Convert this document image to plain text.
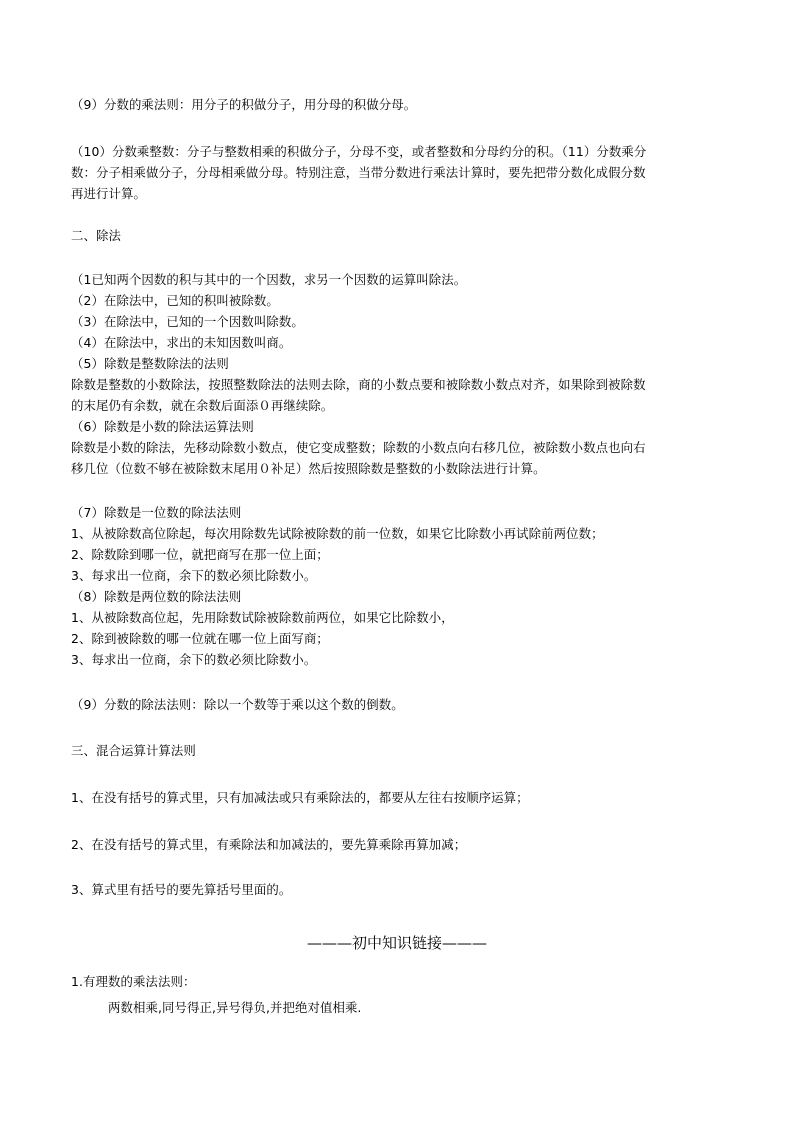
（9）分数的乘法则：用分子的积做分子，用分母的积做分母。
（10）分数乘整数：分子与整数相乘的积做分子，分母不变，或者整数和分母约分的积。（11）分数乘分
数：分子相乘做分子，分母相乘做分母。特别注意，当带分数进行乘法计算时，要先把带分数化成假分数
再进行计算。
二、除法
（1已知两个因数的积与其中的一个因数，求另一个因数的运算叫除法。
（2）在除法中，已知的积叫被除数。
（3）在除法中，已知的一个因数叫除数。
（4）在除法中，求出的未知因数叫商。
（5）除数是整数除法的法则
除数是整数的小数除法，按照整数除法的法则去除，商的小数点要和被除数小数点对齐，如果除到被除数
的末尾仍有余数，就在余数后面添０再继续除。
（6）除数是小数的除法运算法则
除数是小数的除法，先移动除数小数点，使它变成整数；除数的小数点向右移几位，被除数小数点也向右
移几位（位数不够在被除数末尾用０补足）然后按照除数是整数的小数除法进行计算。
（7）除数是一位数的除法法则
1、从被除数高位除起，每次用除数先试除被除数的前一位数，如果它比除数小再试除前两位数；
2、除数除到哪一位，就把商写在那一位上面；
3、每求出一位商，余下的数必须比除数小。
（8）除数是两位数的除法法则
1、从被除数高位起，先用除数试除被除数前两位，如果它比除数小，
2、除到被除数的哪一位就在哪一位上面写商；
3、每求出一位商，余下的数必须比除数小。
（9）分数的除法法则：除以一个数等于乘以这个数的倒数。
三、混合运算计算法则
1、在没有括号的算式里，只有加减法或只有乘除法的，都要从左往右按顺序运算；
2、在没有括号的算式里，有乘除法和加减法的，要先算乘除再算加减；
3、算式里有括号的要先算括号里面的。
———初中知识链接———
1.有理数的乘法法则：
两数相乘,同号得正,异号得负,并把绝对值相乘.
